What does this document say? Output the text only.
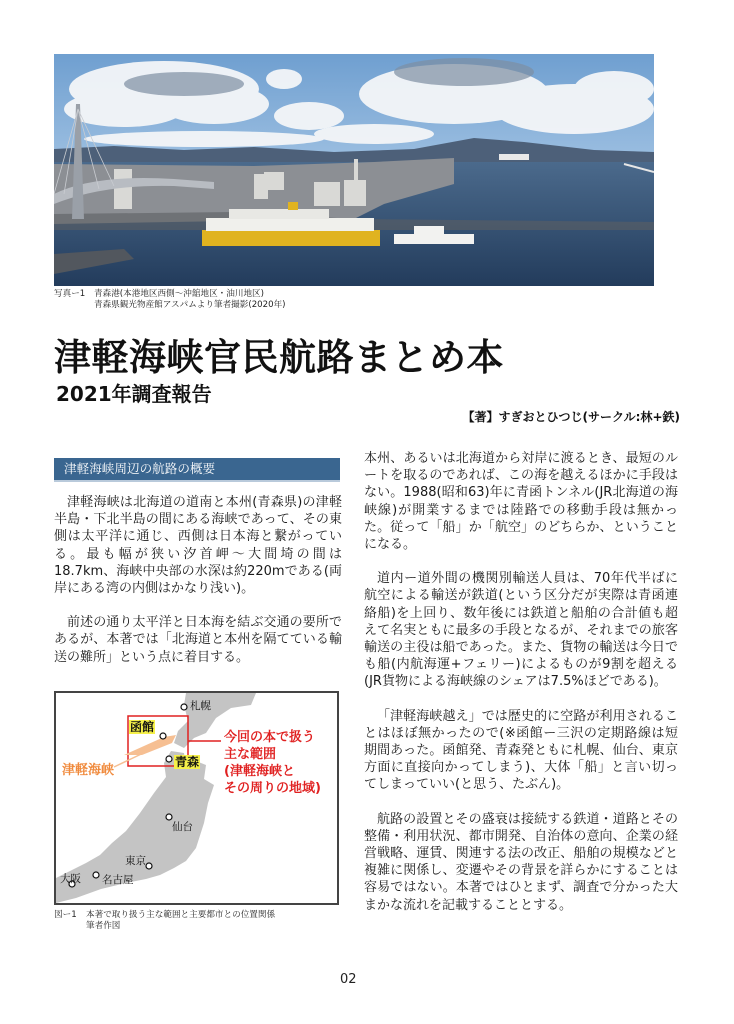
写真ー1 青森港(本港地区西側〜沖舘地区・油川地区)
青森県観光物産館アスパムより筆者撮影(2020年)
津軽海峡官民航路まとめ本
2021年調査報告
【著】すぎおとひつじ(サークル:林+鉄)
津軽海峡周辺の航路の概要

津軽海峡は北海道の道南と本州(青森県)の津軽半島・下北半島の間にある海峡であって、その東側は太平洋に通じ、西側は日本海と繋がっている。最も幅が狭い汐首岬〜大間埼の間は18.7km、海峡中央部の水深は約220mである(両岸にある湾の内側はかなり浅い)。

前述の通り太平洋と日本海を結ぶ交通の要所であるが、本著では「北海道と本州を隔てている輸送の難所」という点に着目する。

札幌
函館
青森
津軽海峡
今回の本で扱う
主な範囲
(津軽海峡と
その周りの地域)
仙台
東京
名古屋
大阪
図ー1 本著で取り扱う主な範囲と主要都市との位置関係
筆者作図

本州、あるいは北海道から対岸に渡るとき、最短のルートを取るのであれば、この海を越えるほかに手段はない。1988(昭和63)年に青函トンネル(JR北海道の海峡線)が開業するまでは陸路での移動手段は無かった。従って「船」か「航空」のどちらか、ということになる。

道内ー道外間の機関別輸送人員は、70年代半ばに航空による輸送が鉄道(という区分だが実際は青函連絡船)を上回り、数年後には鉄道と船舶の合計値も超えて名実ともに最多の手段となるが、それまでの旅客輸送の主役は船であった。また、貨物の輸送は今日でも船(内航海運+フェリー)によるものが9割を超える(JR貨物による海峡線のシェアは7.5%ほどである)。

「津軽海峡越え」では歴史的に空路が利用されることはほぼ無かったので(※函館ー三沢の定期路線は短期間あった。函館発、青森発ともに札幌、仙台、東京方面に直接向かってしまう)、大体「船」と言い切ってしまっていい(と思う、たぶん)。

航路の設置とその盛衰は接続する鉄道・道路とその整備・利用状況、都市開発、自治体の意向、企業の経営戦略、運賃、関連する法の改正、船舶の規模などと複雑に関係し、変遷やその背景を詳らかにすることは容易ではない。本著ではひとまず、調査で分かった大まかな流れを記載することとする。

02
